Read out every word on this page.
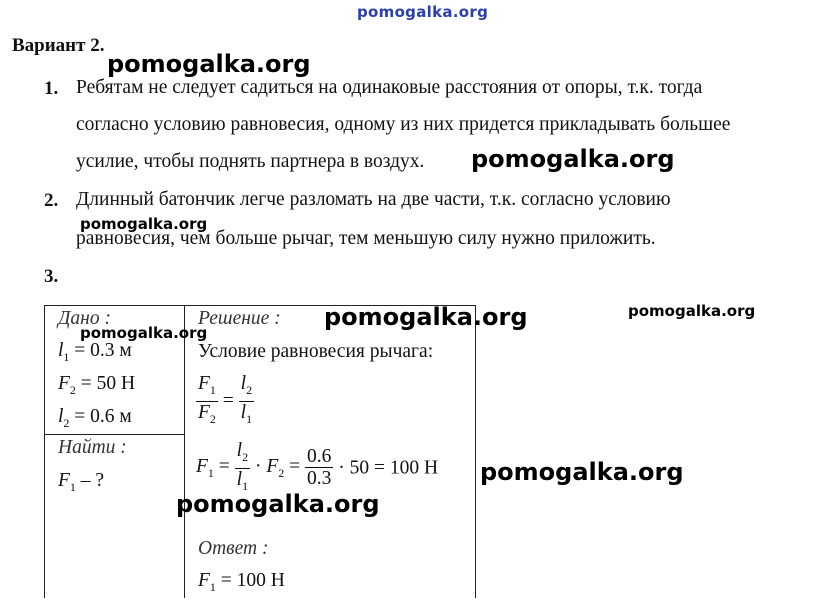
pomogalka.org
Вариант 2.
1. Ребятам не следует садиться на одинаковые расстояния от опоры, т.к. тогда
согласно условию равновесия, одному из них придется прикладывать большее
усилие, чтобы поднять партнера в воздух.
2. Длинный батончик легче разломать на две части, т.к. согласно условию
равновесия, чем больше рычаг, тем меньшую силу нужно приложить.
3.
Дано :
$l_1 = 0.3$ м
$F_2 = 50$ Н
$l_2 = 0.6$ м
Найти :
$F_1$ – ?
Решение :
Условие равновесия рычага:
$\frac{F_1}{F_2} = \frac{l_2}{l_1}$
$F_1 = \frac{l_2}{l_1} \cdot F_2 = \frac{0.6}{0.3} \cdot 50 = 100$ Н
Ответ :
$F_1 = 100$ Н
pomogalka.org
pomogalka.org
pomogalka.org
pomogalka.org
pomogalka.org	pomogalka.org
pomogalka.org
pomogalka.org
